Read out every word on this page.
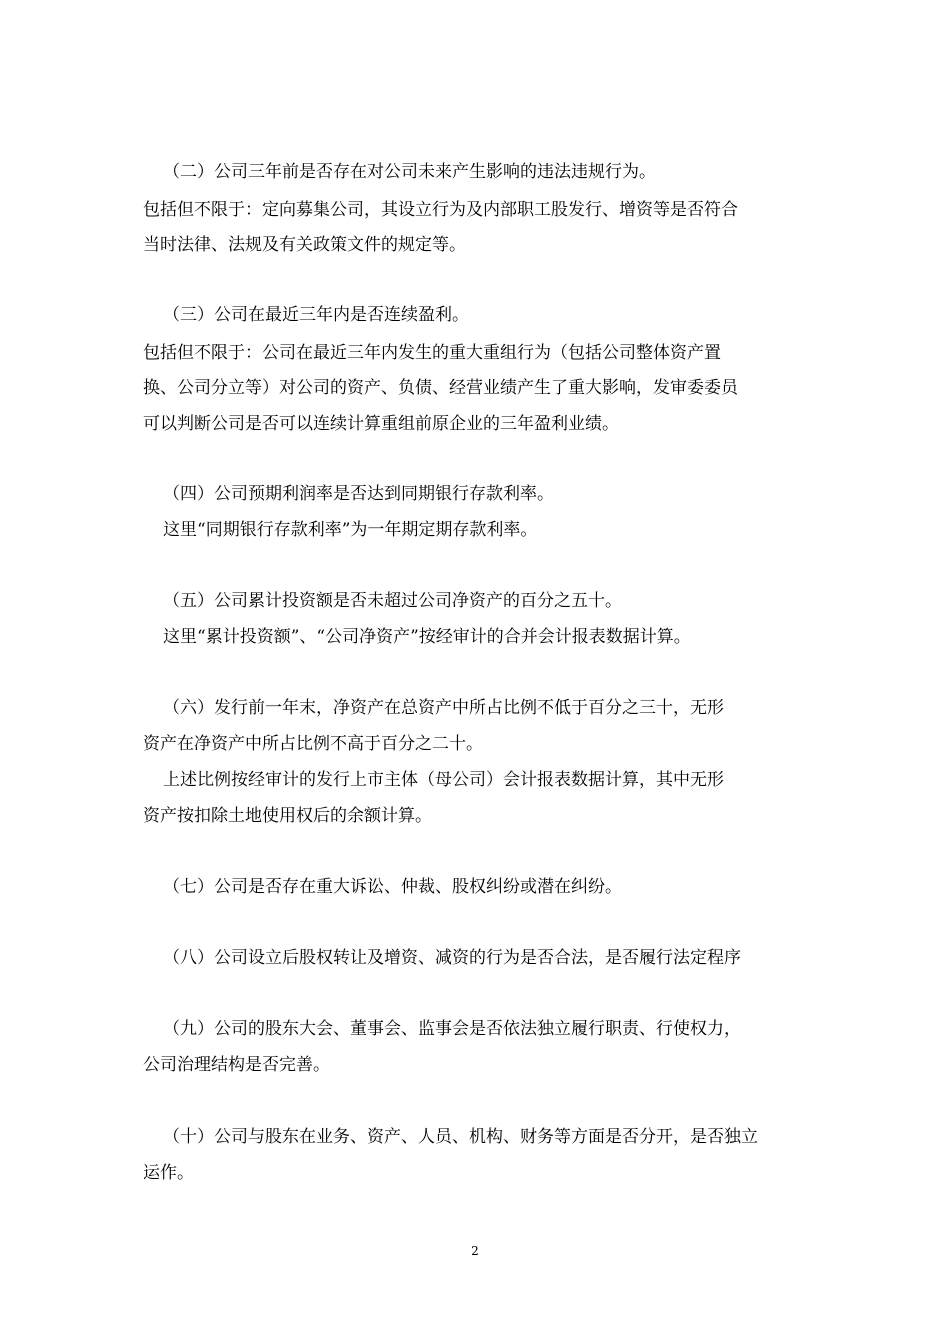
（二）公司三年前是否存在对公司未来产生影响的违法违规行为。
包括但不限于：定向募集公司，其设立行为及内部职工股发行、增资等是否符合
当时法律、法规及有关政策文件的规定等。
（三）公司在最近三年内是否连续盈利。
包括但不限于：公司在最近三年内发生的重大重组行为（包括公司整体资产置
换、公司分立等）对公司的资产、负债、经营业绩产生了重大影响，发审委委员
可以判断公司是否可以连续计算重组前原企业的三年盈利业绩。
（四）公司预期利润率是否达到同期银行存款利率。
这里“同期银行存款利率”为一年期定期存款利率。
（五）公司累计投资额是否未超过公司净资产的百分之五十。
这里“累计投资额”、“公司净资产”按经审计的合并会计报表数据计算。
（六）发行前一年末，净资产在总资产中所占比例不低于百分之三十，无形
资产在净资产中所占比例不高于百分之二十。
上述比例按经审计的发行上市主体（母公司）会计报表数据计算，其中无形
资产按扣除土地使用权后的余额计算。
（七）公司是否存在重大诉讼、仲裁、股权纠纷或潜在纠纷。
（八）公司设立后股权转让及增资、减资的行为是否合法，是否履行法定程序
（九）公司的股东大会、董事会、监事会是否依法独立履行职责、行使权力，
公司治理结构是否完善。
（十）公司与股东在业务、资产、人员、机构、财务等方面是否分开，是否独立
运作。
2
